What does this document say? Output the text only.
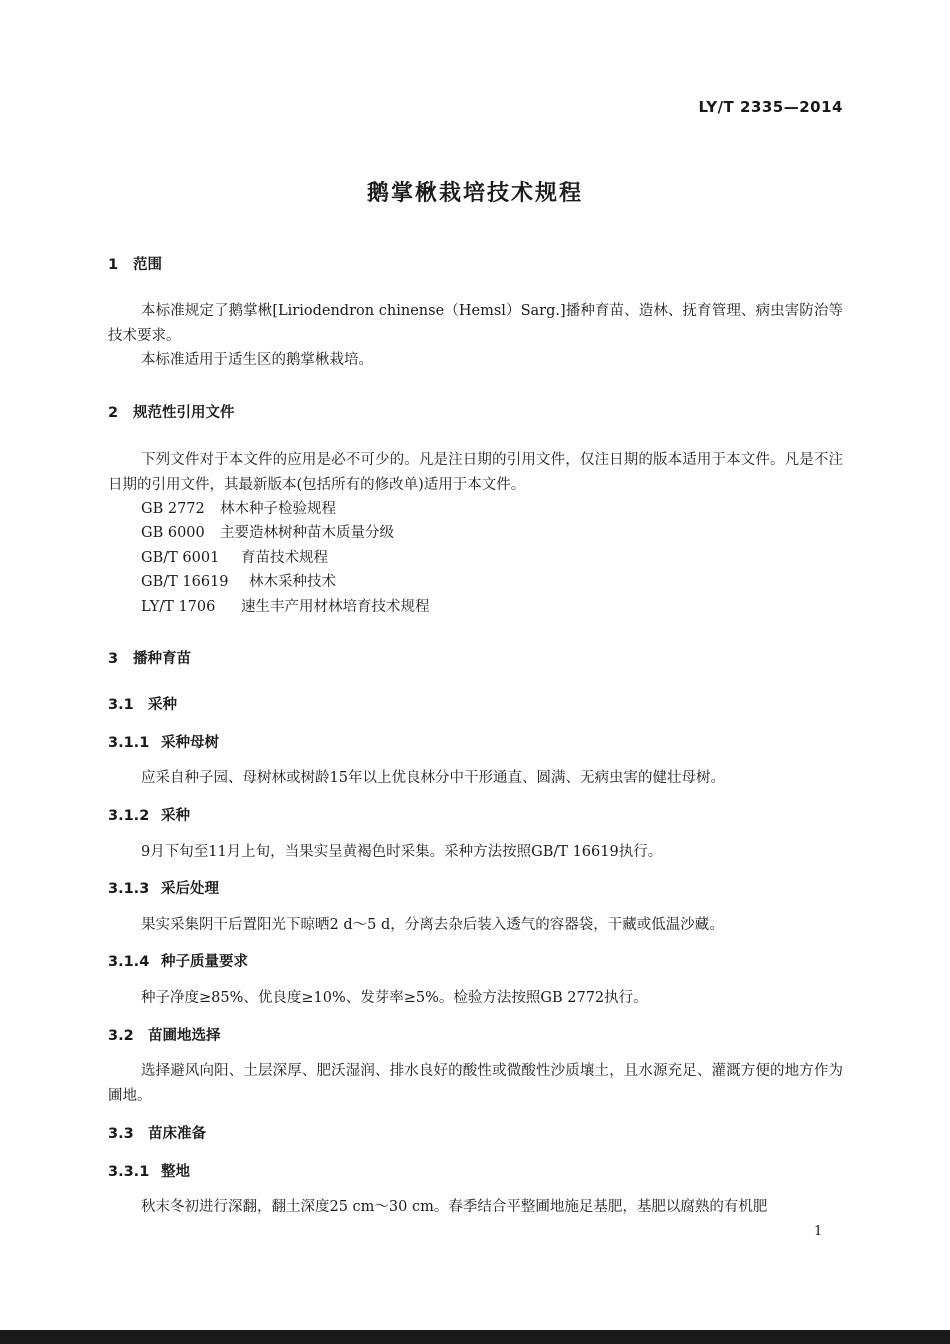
LY/T 2335—2014
鹅掌楸栽培技术规程
1 范围
本标准规定了鹅掌楸[Liriodendron chinense（Hemsl）Sarg.]播种育苗、造林、抚育管理、病虫害防治等技术要求。
本标准适用于适生区的鹅掌楸栽培。
2 规范性引用文件
下列文件对于本文件的应用是必不可少的。凡是注日期的引用文件，仅注日期的版本适用于本文件。凡是不注日期的引用文件，其最新版本(包括所有的修改单)适用于本文件。
GB 2772 林木种子检验规程
GB 6000 主要造林树种苗木质量分级
GB/T 6001 育苗技术规程
GB/T 16619 林木采种技术
LY/T 1706 速生丰产用材林培育技术规程
3 播种育苗
3.1 采种
3.1.1 采种母树
应采自种子园、母树林或树龄15年以上优良林分中干形通直、圆满、无病虫害的健壮母树。
3.1.2 采种
9月下旬至11月上旬，当果实呈黄褐色时采集。采种方法按照GB/T 16619执行。
3.1.3 采后处理
果实采集阴干后置阳光下晾晒2 d～5 d，分离去杂后装入透气的容器袋，干藏或低温沙藏。
3.1.4 种子质量要求
种子净度≥85%、优良度≥10%、发芽率≥5%。检验方法按照GB 2772执行。
3.2 苗圃地选择
选择避风向阳、土层深厚、肥沃湿润、排水良好的酸性或微酸性沙质壤土，且水源充足、灌溉方便的地方作为圃地。
3.3 苗床准备
3.3.1 整地
秋末冬初进行深翻，翻土深度25 cm～30 cm。春季结合平整圃地施足基肥，基肥以腐熟的有机肥
1
